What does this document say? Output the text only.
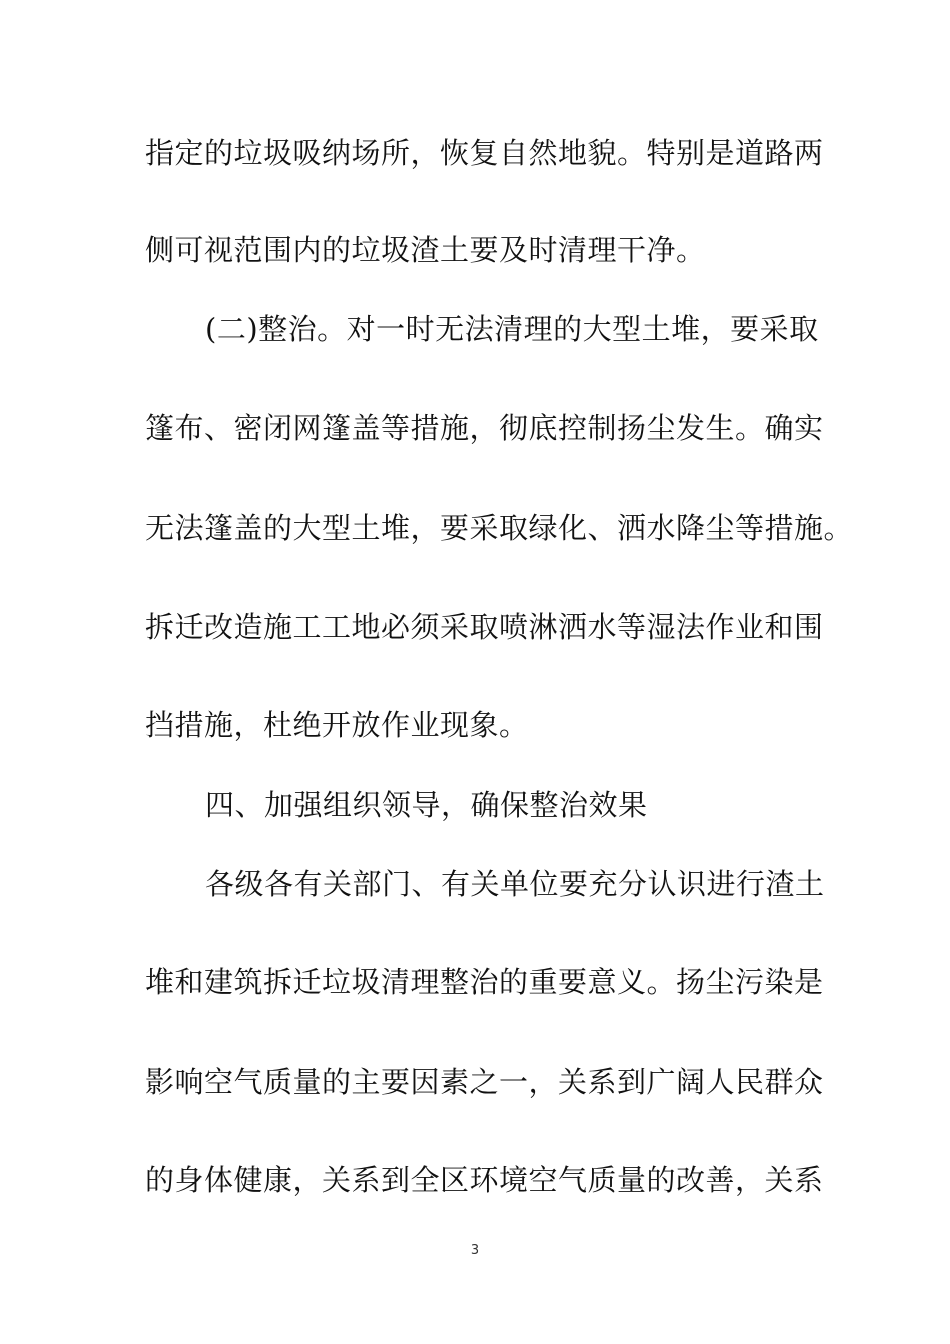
指定的垃圾吸纳场所，恢复自然地貌。特别是道路两
侧可视范围内的垃圾渣土要及时清理干净。
(二)整治。对一时无法清理的大型土堆，要采取
篷布、密闭网篷盖等措施，彻底控制扬尘发生。确实
无法篷盖的大型土堆，要采取绿化、洒水降尘等措施。
拆迁改造施工工地必须采取喷淋洒水等湿法作业和围
挡措施，杜绝开放作业现象。
四、加强组织领导，确保整治效果
各级各有关部门、有关单位要充分认识进行渣土
堆和建筑拆迁垃圾清理整治的重要意义。扬尘污染是
影响空气质量的主要因素之一，关系到广阔人民群众
的身体健康，关系到全区环境空气质量的改善，关系
3
